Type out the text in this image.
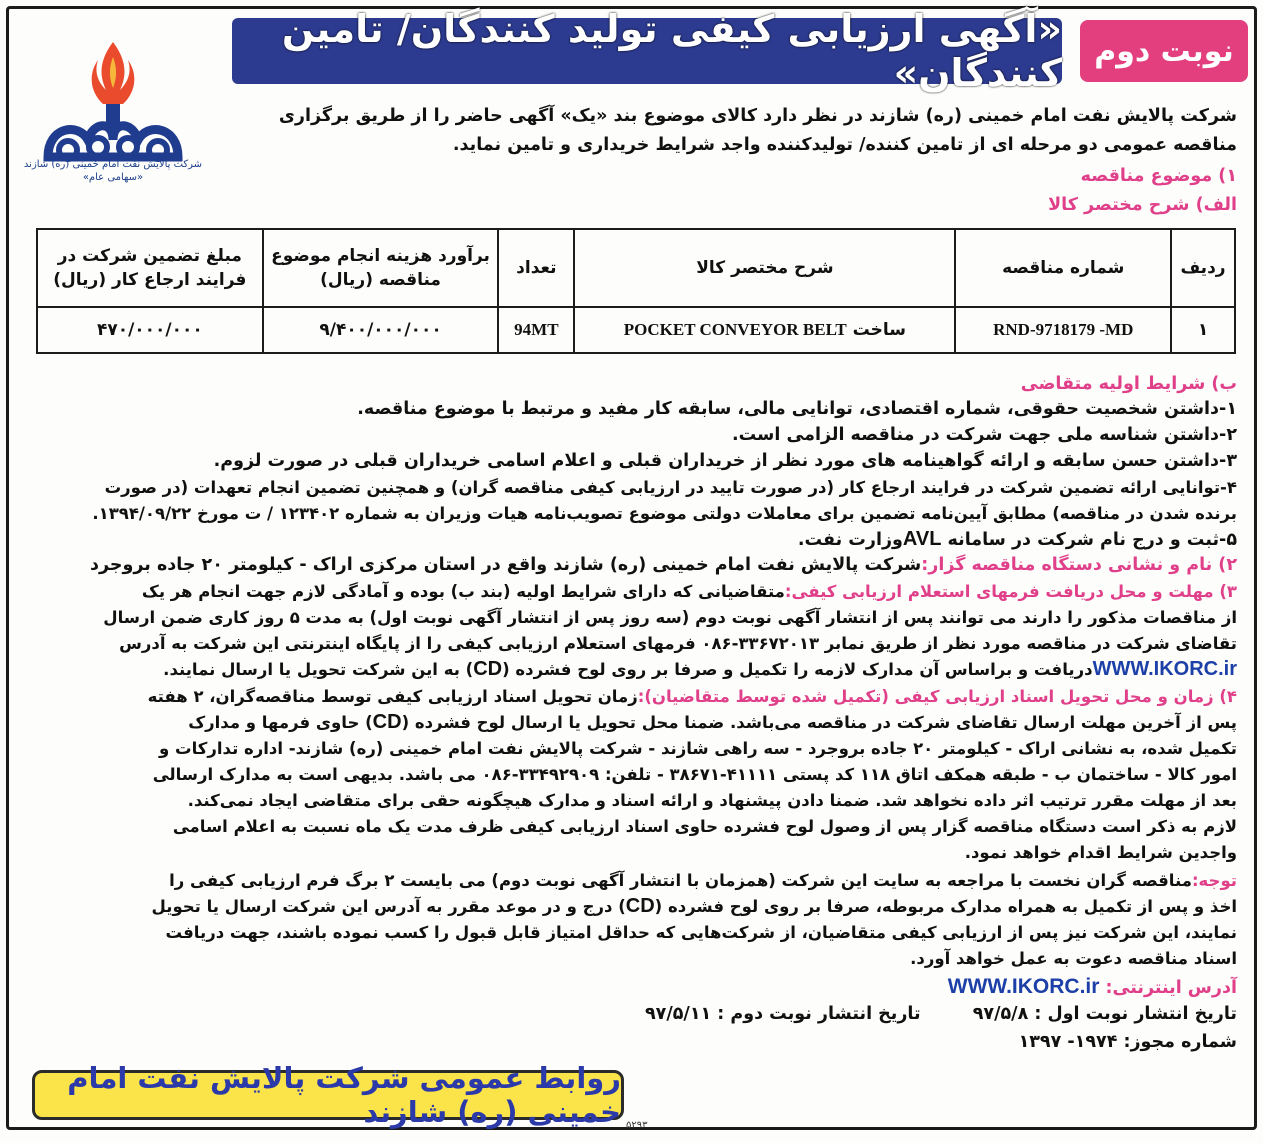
شرکت پالایش نفت امام خمینی (ره) شازند
«سهامی عام»
«آگهی ارزیابی کیفی تولید کنندگان/ تامین کنندگان» نوبت دوم
شرکت پالایش نفت امام خمینی (ره) شازند در نظر دارد کالای موضوع بند «یک» آگهی حاضر را از طریق برگزاری
مناقصه عمومی دو مرحله ای از تامین کننده/ تولیدکننده واجد شرایط خریداری و تامین نماید.
۱) موضوع مناقصه
الف) شرح مختصر کالا
ردیف	شماره مناقصه	شرح مختصر کالا	تعداد	برآورد هزینه انجام موضوع مناقصه (ریال)	مبلغ تضمین شرکت در فرایند ارجاع کار (ریال)
۱	RND-9718179 -MD	ساخت POCKET CONVEYOR BELT	94MT	۹/۴۰۰/۰۰۰/۰۰۰	۴۷۰/۰۰۰/۰۰۰
ب) شرایط اولیه متقاضی
۱-داشتن شخصیت حقوقی، شماره اقتصادی، توانایی مالی، سابقه کار مفید و مرتبط با موضوع مناقصه.
۲-داشتن شناسه ملی جهت شرکت در مناقصه الزامی است.
۳-داشتن حسن سابقه و ارائه گواهینامه های مورد نظر از خریداران قبلی و اعلام اسامی خریداران قبلی در صورت لزوم.
۴-توانایی ارائه تضمین شرکت در فرایند ارجاع کار (در صورت تایید در ارزیابی کیفی مناقصه گران) و همچنین تضمین انجام تعهدات (در صورت
برنده شدن در مناقصه) مطابق آیین‌نامه تضمین برای معاملات دولتی موضوع تصویب‌نامه هیات وزیران به شماره ۱۲۳۴۰۲ / ت مورخ ۱۳۹۴/۰۹/۲۲.
۵-ثبت و درج نام شرکت در سامانه AVLوزارت نفت.
۲) نام و نشانی دستگاه مناقصه گزار:شرکت پالایش نفت امام خمینی (ره) شازند واقع در استان مرکزی اراک - کیلومتر ۲۰ جاده بروجرد
۳) مهلت و محل دریافت فرمهای استعلام ارزیابی کیفی:متقاضیانی که دارای شرایط اولیه (بند ب) بوده و آمادگی لازم جهت انجام هر یک
از مناقصات مذکور را دارند می توانند پس از انتشار آگهی نوبت دوم (سه روز پس از انتشار آگهی نوبت اول) به مدت ۵ روز کاری ضمن ارسال
تقاضای شرکت در مناقصه مورد نظر از طریق نمابر ۳۳۶۷۲۰۱۳-۰۸۶ فرمهای استعلام ارزیابی کیفی را از پایگاه اینترنتی این شرکت به آدرس
WWW.IKORC.irدریافت و براساس آن مدارک لازمه را تکمیل و صرفا بر روی لوح فشرده (CD) به این شرکت تحویل یا ارسال نمایند.
۴) زمان و محل تحویل اسناد ارزیابی کیفی (تکمیل شده توسط متقاضیان):زمان تحویل اسناد ارزیابی کیفی توسط مناقصه‌گران، ۲ هفته
پس از آخرین مهلت ارسال تقاضای شرکت در مناقصه می‌باشد. ضمنا محل تحویل یا ارسال لوح فشرده (CD) حاوی فرمها و مدارک
تکمیل شده، به نشانی اراک - کیلومتر ۲۰ جاده بروجرد - سه راهی شازند - شرکت پالایش نفت امام خمینی (ره) شازند- اداره تدارکات و
امور کالا - ساختمان ب - طبقه همکف اتاق ۱۱۸ کد پستی ۴۱۱۱۱-۳۸۶۷۱ - تلفن: ۳۳۴۹۲۹۰۹-۰۸۶ می باشد. بدیهی است به مدارک ارسالی
بعد از مهلت مقرر ترتیب اثر داده نخواهد شد. ضمنا دادن پیشنهاد و ارائه اسناد و مدارک هیچگونه حقی برای متقاضی ایجاد نمی‌کند.
لازم به ذکر است دستگاه مناقصه گزار پس از وصول لوح فشرده حاوی اسناد ارزیابی کیفی ظرف مدت یک ماه نسبت به اعلام اسامی
واجدین شرایط اقدام خواهد نمود.
توجه:مناقصه گران نخست با مراجعه به سایت این شرکت (همزمان با انتشار آگهی نوبت دوم) می بایست ۲ برگ فرم ارزیابی کیفی را
اخذ و پس از تکمیل به همراه مدارک مربوطه، صرفا بر روی لوح فشرده (CD) درج و در موعد مقرر به آدرس این شرکت ارسال یا تحویل
نمایند، این شرکت نیز پس از ارزیابی کیفی متقاضیان، از شرکت‌هایی که حداقل امتیاز قابل قبول را کسب نموده باشند، جهت دریافت
اسناد مناقصه دعوت به عمل خواهد آورد.
آدرس اینترنتی: WWW.IKORC.ir
تاریخ انتشار نوبت اول : ۹۷/۵/۸  تاریخ انتشار نوبت دوم : ۹۷/۵/۱۱
شماره مجوز: ۱۹۷۴- ۱۳۹۷
روابط عمومی شرکت پالایش نفت امام خمینی (ره) شازند ۵۲۹۳
